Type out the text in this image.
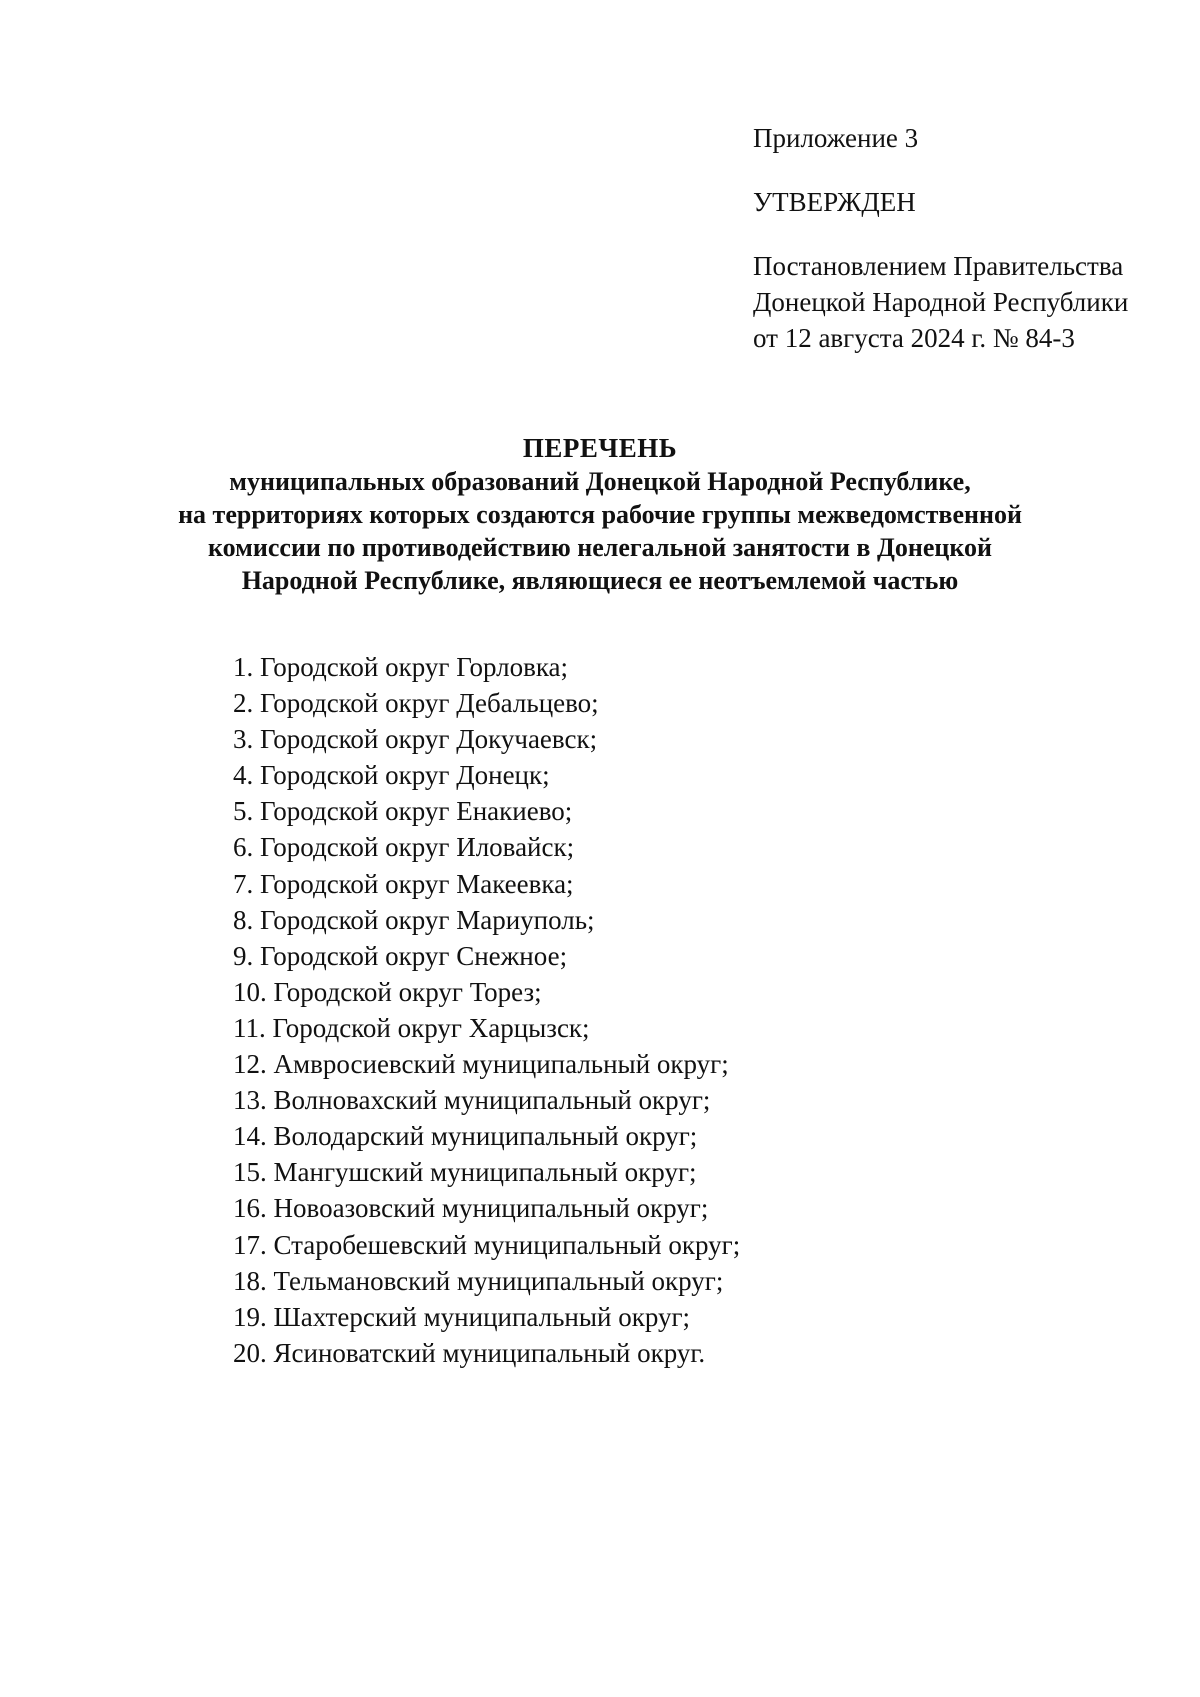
Приложение 3
УТВЕРЖДЕН
Постановлением Правительства
Донецкой Народной Республики
от 12 августа 2024 г. № 84-3
ПЕРЕЧЕНЬ
муниципальных образований Донецкой Народной Республике,
на территориях которых создаются рабочие группы межведомственной
комиссии по противодействию нелегальной занятости в Донецкой
Народной Республике, являющиеся ее неотъемлемой частью
1. Городской округ Горловка;
2. Городской округ Дебальцево;
3. Городской округ Докучаевск;
4. Городской округ Донецк;
5. Городской округ Енакиево;
6. Городской округ Иловайск;
7. Городской округ Макеевка;
8. Городской округ Мариуполь;
9. Городской округ Снежное;
10. Городской округ Торез;
11. Городской округ Харцызск;
12. Амвросиевский муниципальный округ;
13. Волновахский муниципальный округ;
14. Володарский муниципальный округ;
15. Мангушский муниципальный округ;
16. Новоазовский муниципальный округ;
17. Старобешевский муниципальный округ;
18. Тельмановский муниципальный округ;
19. Шахтерский муниципальный округ;
20. Ясиноватский муниципальный округ.
